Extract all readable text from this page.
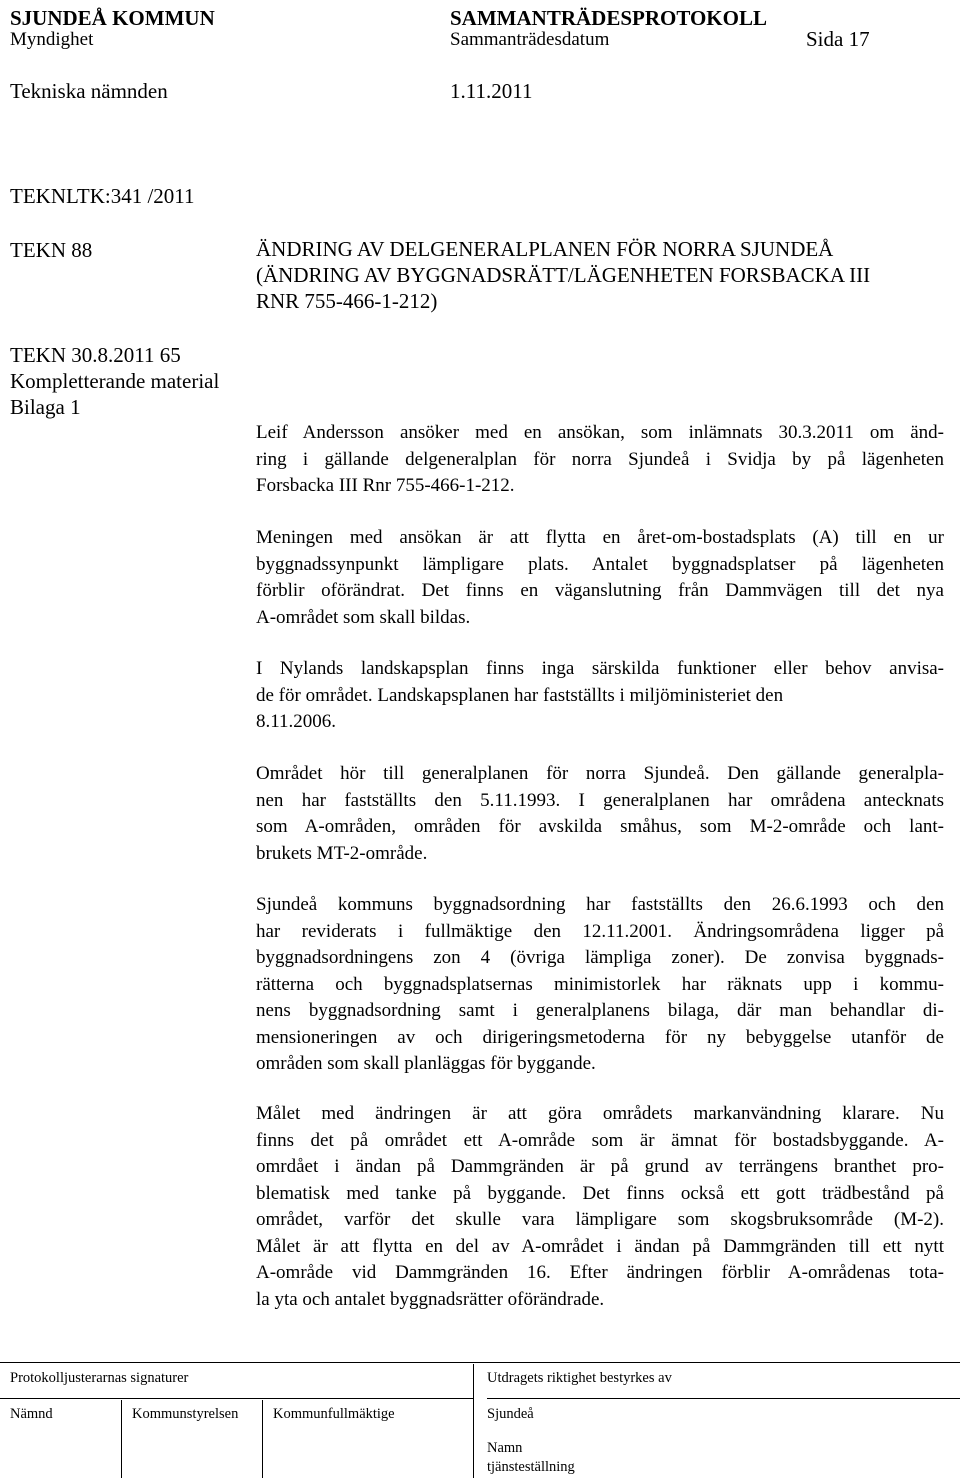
SJUNDEÅ KOMMUN	SAMMANTRÄDESPROTOKOLL
Myndighet	Sammanträdesdatum	Sida 17
Tekniska nämnden	1.11.2011
TEKNLTK:341 /2011
TEKN 88
TEKN 30.8.2011 65
Kompletterande material
Bilaga 1
ÄNDRING AV DELGENERALPLANEN FÖR NORRA SJUNDEÅ
(ÄNDRING AV BYGGNADSRÄTT/LÄGENHETEN FORSBACKA III
RNR 755-466-1-212)
Leif Andersson ansöker med en ansökan, som inlämnats 30.3.2011 om änd-
ring i gällande delgeneralplan för norra Sjundeå i Svidja by på lägenheten
Forsbacka III Rnr 755-466-1-212.
Meningen med ansökan är att flytta en året-om-bostadsplats (A) till en ur
byggnadssynpunkt lämpligare plats. Antalet byggnadsplatser på lägenheten
förblir oförändrat. Det finns en väganslutning från Dammvägen till det nya
A-området som skall bildas.
I Nylands landskapsplan finns inga särskilda funktioner eller behov anvisa-
de för området. Landskapsplanen har fastställts i miljöministeriet den
8.11.2006.
Området hör till generalplanen för norra Sjundeå. Den gällande generalpla-
nen har fastställts den 5.11.1993. I generalplanen har områdena antecknats
som A-områden, områden för avskilda småhus, som M-2-område och lant-
brukets MT-2-område.
Sjundeå kommuns byggnadsordning har fastställts den 26.6.1993 och den
har reviderats i fullmäktige den 12.11.2001. Ändringsområdena ligger på
byggnadsordningens zon 4 (övriga lämpliga zoner). De zonvisa byggnads-
rätterna och byggnadsplatsernas minimistorlek har räknats upp i kommu-
nens byggnadsordning samt i generalplanens bilaga, där man behandlar di-
mensioneringen av och dirigeringsmetoderna för ny bebyggelse utanför de
områden som skall planläggas för byggande.
Målet med ändringen är att göra områdets markanvändning klarare. Nu
finns det på området ett A-område som är ämnat för bostadsbyggande. A-
omrdået i ändan på Dammgränden är på grund av terrängens branthet pro-
blematisk med tanke på byggande. Det finns också ett gott trädbestånd på
området, varför det skulle vara lämpligare som skogsbruksområde (M-2).
Målet är att flytta en del av A-området i ändan på Dammgränden till ett nytt
A-område vid Dammgränden 16. Efter ändringen förblir A-områdenas tota-
la yta och antalet byggnadsrätter oförändrade.
Protokolljusterarnas signaturer	Utdragets riktighet bestyrkes av
Nämnd	Kommunstyrelsen Kommunfullmäktige	Sjundeå
Namn
tjänsteställning
